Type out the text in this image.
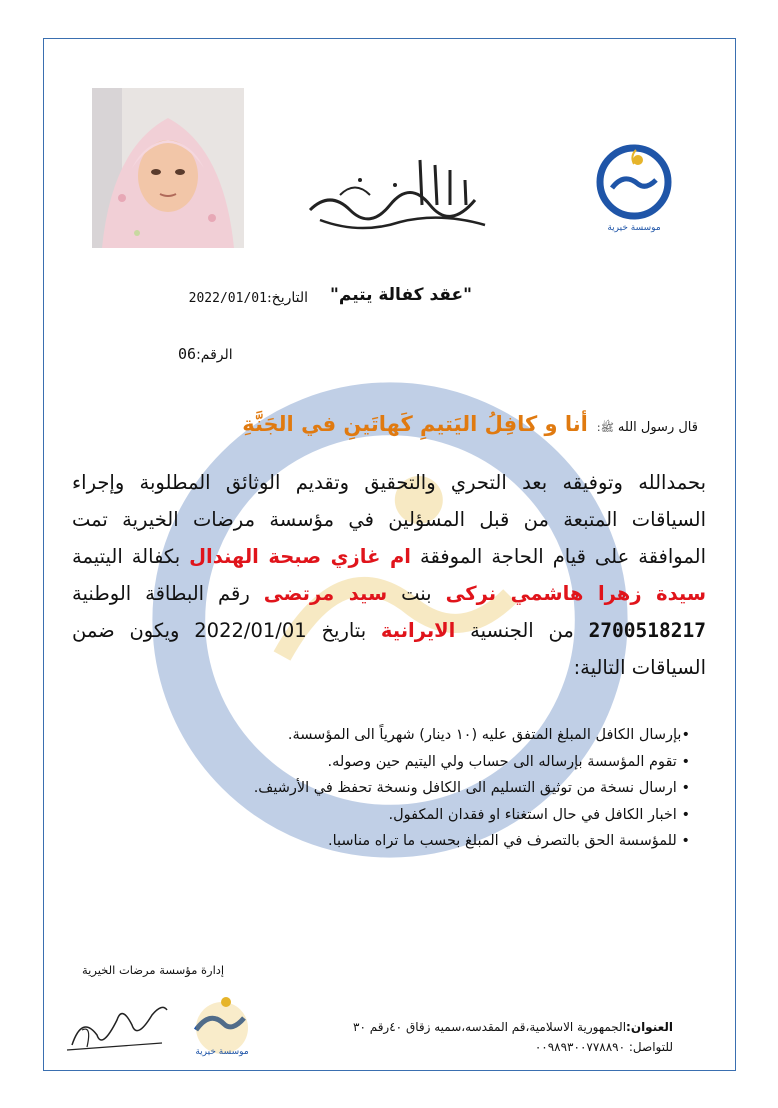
موسسة خيرية
التاريخ:2022/01/01	"عقد كفالة يتيم"
الرقم:06
قال رسول اللهﷺ: أنا و كافِلُ اليَتيمِ كَهاتَينِ في الجَنَّةِ
بحمدالله وتوفيقه بعد التحري والتحقيق وتقديم الوثائق المطلوبة وإجراء السياقات المتبعة من قبل المسؤلين في مؤسسة مرضات الخيرية تمت الموافقة على قيام الحاجة الموفقة ام غازي صبحة الهندال بكفالة اليتيمة سيدة زهرا هاشمي نركى بنت سيد مرتضى رقم البطاقة الوطنية 2700518217 من الجنسية الايرانية بتاريخ 2022/01/01 ويكون ضمن السياقات التالية:
•بإرسال الكافل المبلغ المتفق عليه (١٠ دينار) شهرياً الى المؤسسة.
• تقوم المؤسسة بإرساله الى حساب ولي اليتيم حين وصوله.
• ارسال نسخة من توثيق التسليم الى الكافل ونسخة تحفظ في الأرشيف.
• اخبار الكافل في حال استغناء او فقدان المكفول.
• للمؤسسة الحق بالتصرف في المبلغ بحسب ما تراه مناسبا.
إدارة مؤسسة مرضات الخيرية
موسسة خيرية
العنوان:الجمهورية الاسلامية،قم المقدسه،سميه زقاق ٤٠رقم ٣٠
للتواصل: ٠٠٩٨٩٣٠٠٧٧٨٨٩٠
